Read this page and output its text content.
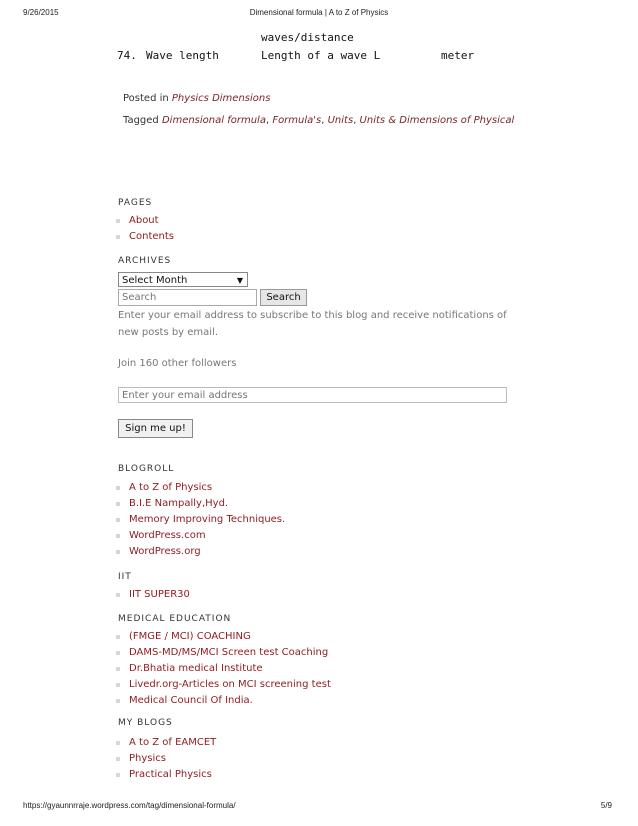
9/26/2015	Dimensional formula | A to Z of Physics
waves/distance
74. Wave length	Length of a wave L	meter
Posted in Physics Dimensions
Tagged Dimensional formula, Formula's, Units, Units & Dimensions of Physical
PAGES
About
Contents
ARCHIVES
Select Month	▼
Search
Search
Enter your email address to subscribe to this blog and receive notifications of
new posts by email.
Join 160 other followers
Enter your email address
Sign me up!
BLOGROLL
A to Z of Physics
B.I.E Nampally,Hyd.
Memory Improving Techniques.
WordPress.com
WordPress.org
IIT
IIT SUPER30
MEDICAL EDUCATION
(FMGE / MCI) COACHING
DAMS-MD/MS/MCI Screen test Coaching
Dr.Bhatia medical Institute
Livedr.org-Articles on MCI screening test
Medical Council Of India.
MY BLOGS
A to Z of EAMCET
Physics
Practical Physics
https://gyaunnrraje.wordpress.com/tag/dimensional-formula/	5/9
